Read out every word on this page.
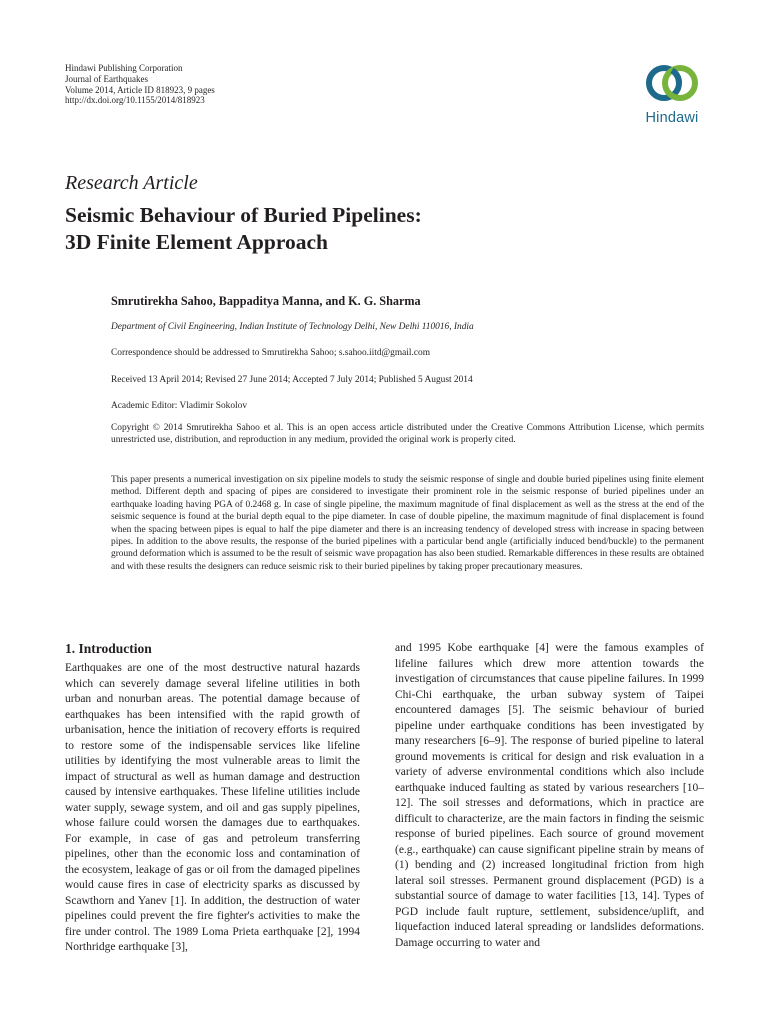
Hindawi Publishing Corporation
Journal of Earthquakes
Volume 2014, Article ID 818923, 9 pages
http://dx.doi.org/10.1155/2014/818923
Hindawi
Research Article
Seismic Behaviour of Buried Pipelines:
3D Finite Element Approach
Smrutirekha Sahoo, Bappaditya Manna, and K. G. Sharma
Department of Civil Engineering, Indian Institute of Technology Delhi, New Delhi 110016, India
Correspondence should be addressed to Smrutirekha Sahoo; s.sahoo.iitd@gmail.com
Received 13 April 2014; Revised 27 June 2014; Accepted 7 July 2014; Published 5 August 2014
Academic Editor: Vladimir Sokolov
Copyright © 2014 Smrutirekha Sahoo et al. This is an open access article distributed under the Creative Commons Attribution License, which permits unrestricted use, distribution, and reproduction in any medium, provided the original work is properly cited.
This paper presents a numerical investigation on six pipeline models to study the seismic response of single and double buried pipelines using finite element method. Different depth and spacing of pipes are considered to investigate their prominent role in the seismic response of buried pipelines under an earthquake loading having PGA of 0.2468 g. In case of single pipeline, the maximum magnitude of final displacement as well as the stress at the end of the seismic sequence is found at the burial depth equal to the pipe diameter. In case of double pipeline, the maximum magnitude of final displacement is found when the spacing between pipes is equal to half the pipe diameter and there is an increasing tendency of developed stress with increase in spacing between pipes. In addition to the above results, the response of the buried pipelines with a particular bend angle (artificially induced bend/buckle) to the permanent ground deformation which is assumed to be the result of seismic wave propagation has also been studied. Remarkable differences in these results are obtained and with these results the designers can reduce seismic risk to their buried pipelines by taking proper precautionary measures.
1. Introduction
Earthquakes are one of the most destructive natural hazards which can severely damage several lifeline utilities in both urban and nonurban areas. The potential damage because of earthquakes has been intensified with the rapid growth of urbanisation, hence the initiation of recovery efforts is required to restore some of the indispensable services like lifeline utilities by identifying the most vulnerable areas to limit the impact of structural as well as human damage and destruction caused by intensive earthquakes. These lifeline utilities include water supply, sewage system, and oil and gas supply pipelines, whose failure could worsen the damages due to earthquakes. For example, in case of gas and petroleum transferring pipelines, other than the economic loss and contamination of the ecosystem, leakage of gas or oil from the damaged pipelines would cause fires in case of electricity sparks as discussed by Scawthorn and Yanev [1]. In addition, the destruction of water pipelines could prevent the fire fighter's activities to make the fire under control. The 1989 Loma Prieta earthquake [2], 1994 Northridge earthquake [3],
and 1995 Kobe earthquake [4] were the famous examples of lifeline failures which drew more attention towards the investigation of circumstances that cause pipeline failures. In 1999 Chi-Chi earthquake, the urban subway system of Taipei encountered damages [5]. The seismic behaviour of buried pipeline under earthquake conditions has been investigated by many researchers [6–9]. The response of buried pipeline to lateral ground movements is critical for design and risk evaluation in a variety of adverse environmental conditions which also include earthquake induced faulting as stated by various researchers [10–12]. The soil stresses and deformations, which in practice are difficult to characterize, are the main factors in finding the seismic response of buried pipelines. Each source of ground movement (e.g., earthquake) can cause significant pipeline strain by means of (1) bending and (2) increased longitudinal friction from high lateral soil stresses. Permanent ground displacement (PGD) is a substantial source of damage to water facilities [13, 14]. Types of PGD include fault rupture, settlement, subsidence/uplift, and liquefaction induced lateral spreading or landslides deformations. Damage occurring to water and
